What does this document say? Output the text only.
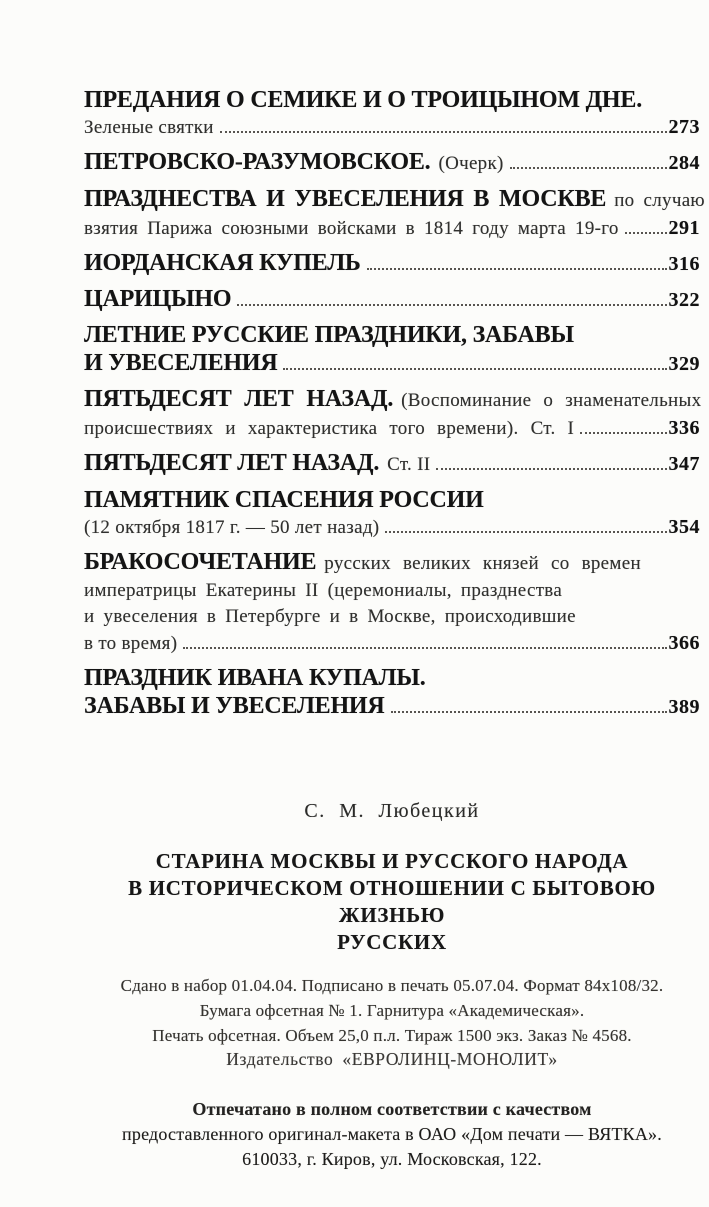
ПРЕДАНИЯ О СЕМИКЕ И О ТРОИЦЫНОМ ДНЕ.
Зеленые святки	273
ПЕТРОВСКО-РАЗУМОВСКОЕ. (Очерк)	284
ПРАЗДНЕСТВА И УВЕСЕЛЕНИЯ В МОСКВЕ по случаю
взятия Парижа союзными войсками в 1814 году марта 19-го 291
ИОРДАНСКАЯ КУПЕЛЬ	316
ЦАРИЦЫНО	322
ЛЕТНИЕ РУССКИЕ ПРАЗДНИКИ, ЗАБАВЫ
И УВЕСЕЛЕНИЯ	329
ПЯТЬДЕСЯТ ЛЕТ НАЗАД. (Воспоминание о знаменательных
происшествиях и характеристика того времени). Ст. I	336
ПЯТЬДЕСЯТ ЛЕТ НАЗАД. Ст. II	347
ПАМЯТНИК СПАСЕНИЯ РОССИИ
(12 октября 1817 г. — 50 лет назад)	354
БРАКОСОЧЕТАНИЕ русских великих князей со времен
императрицы Екатерины II (церемониалы, празднества
и увеселения в Петербурге и в Москве, происходившие
в то время)	366
ПРАЗДНИК ИВАНА КУПАЛЫ.
ЗАБАВЫ И УВЕСЕЛЕНИЯ	389
С. М. Любецкий
СТАРИНА МОСКВЫ И РУССКОГО НАРОДА
В ИСТОРИЧЕСКОМ ОТНОШЕНИИ С БЫТОВОЮ ЖИЗНЬЮ
РУССКИХ
Сдано в набор 01.04.04. Подписано в печать 05.07.04. Формат 84х108/32.
Бумага офсетная № 1. Гарнитура «Академическая».
Печать офсетная. Объем 25,0 п.л. Тираж 1500 экз. Заказ № 4568.
Издательство «ЕВРОЛИНЦ-МОНОЛИТ»
Отпечатано в полном соответствии с качеством
предоставленного оригинал-макета в ОАО «Дом печати — ВЯТКА».
610033, г. Киров, ул. Московская, 122.
